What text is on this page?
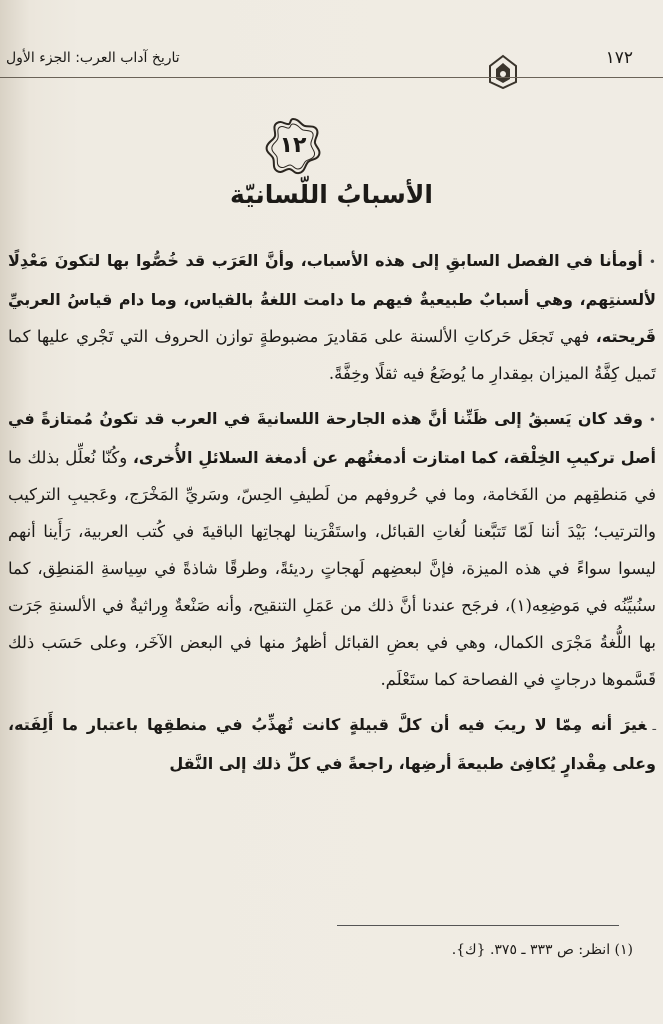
١٧٢
تاريخ آداب العرب: الجزء الأول
١٢
الأسبابُ اللّسانيّة

•أومأنا في الفصل السابقِ إلى هذه الأسباب، وأنَّ العَرَب قد خُصُّوا بها لتكونَ مَعْدِلًا لألسنتِهم، وهي أسبابٌ طبيعيةٌ فيهم ما دامت اللغةُ بالقياس، وما دام قياسُ العربيِّ قَريحته، فهي تَجعَل حَركاتِ الألسنة على مَقاديرَ مضبوطةٍ توازن الحروف التي تَجْري عليها كما تَميل كِفَّةُ الميزان بمِقدارِ ما يُوضَعُ فيه ثقلًا وخِفَّةً.

•وقد كان يَسبقُ إلى ظَنِّنا أنَّ هذه الجارحة اللسانيةَ في العرب قد تكونُ مُمتازةً في أصل تركيبِ الخِلْقة، كما امتازت أدمغتُهم عن أدمغة السلائلِ الأُخرى، وكُنّا نُعلِّل بذلك ما في مَنطقِهم من الفَخامة، وما في حُروفهم من لَطيفِ الحِسّ، وسَريِّ المَخْرَج، وعَجيبِ التركيب والترتيب؛ بَيْدَ أننا لَمّا تَتبَّعنا لُغاتِ القبائل، واستَقْرَينا لهجاتِها الباقيةَ في كُتب العربية، رَأَينا أنهم ليسوا سواءً في هذه الميزة، فإنَّ لبعضِهم لَهجاتٍ رديئةً، وطرقًا شاذةً في سِياسةِ المَنطِق، كما سنُبيِّنُه في مَوضِعِه(١)، فرجَح عندنا أنَّ ذلك من عَمَلِ التنقيح، وأنه صَنْعةٌ وِراثيةٌ في الألسنةِ جَرَت بها اللُّغةُ مَجْرَى الكمال، وهي في بعضِ القبائل أظهرُ منها في البعض الآخَر، وعلى حَسَب ذلك قَسَّموها درجاتٍ في الفصاحة كما ستَعْلَم.

ـغيرَ أنه مِمّا لا ريبَ فيه أن كلَّ قبيلةٍ كانت تُهذِّبُ في منطقِها باعتبار ما أَلِفَته، وعلى مِقْدارٍ يُكافِئ طبيعةَ أرضِها، راجعةً في كلِّ ذلك إلى النَّقل

(١) انظر: ص ٣٣٣ ـ ٣٧٥. {ك}.
